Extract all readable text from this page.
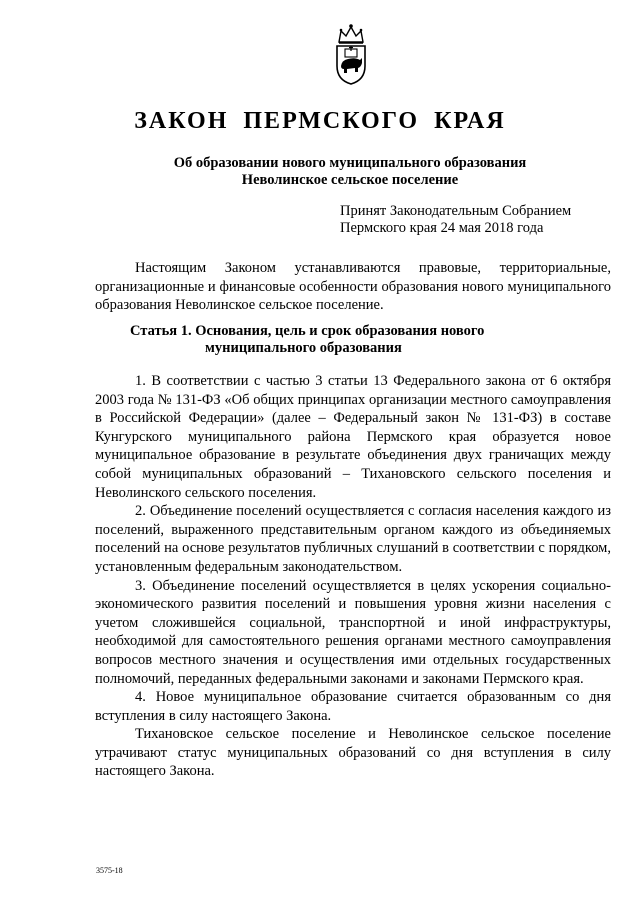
ЗАКОН ПЕРМСКОГО КРАЯ
Об образовании нового муниципального образования
Неволинское сельское поселение
Принят Законодательным Собранием
Пермского края 24 мая 2018 года

Настоящим Законом устанавливаются правовые, территориальные, организационные и финансовые особенности образования нового муниципального образования Неволинское сельское поселение.

Статья 1. Основания, цель и срок образования нового
муниципального образования

1. В соответствии с частью 3 статьи 13 Федерального закона от 6 октября 2003 года № 131-ФЗ «Об общих принципах организации местного самоуправления в Российской Федерации» (далее – Федеральный закон № 131-ФЗ) в составе Кунгурского муниципального района Пермского края образуется новое муниципальное образование в результате объединения двух граничащих между собой муниципальных образований – Тихановского сельского поселения и Неволинского сельского поселения.

2. Объединение поселений осуществляется с согласия населения каждого из поселений, выраженного представительным органом каждого из объединяемых поселений на основе результатов публичных слушаний в соответствии с порядком, установленным федеральным законодательством.

3. Объединение поселений осуществляется в целях ускорения социально-экономического развития поселений и повышения уровня жизни населения с учетом сложившейся социальной, транспортной и иной инфраструктуры, необходимой для самостоятельного решения органами местного самоуправления вопросов местного значения и осуществления ими отдельных государственных полномочий, переданных федеральными законами и законами Пермского края.

4. Новое муниципальное образование считается образованным со дня вступления в силу настоящего Закона.

Тихановское сельское поселение и Неволинское сельское поселение утрачивают статус муниципальных образований со дня вступления в силу настоящего Закона.

3575-18
